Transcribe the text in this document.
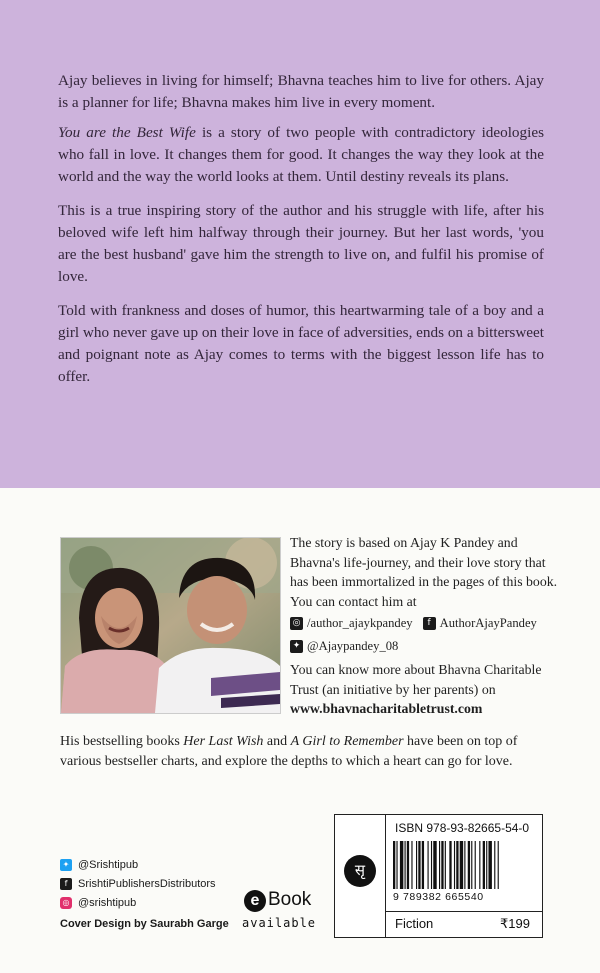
Ajay believes in living for himself; Bhavna teaches him to live for others. Ajay is a planner for life; Bhavna makes him live in every moment.

You are the Best Wife is a story of two people with contradictory ideologies who fall in love. It changes them for good. It changes the way they look at the world and the way the world looks at them. Until destiny reveals its plans.

This is a true inspiring story of the author and his struggle with life, after his beloved wife left him halfway through their journey. But her last words, 'you are the best husband' gave him the strength to live on, and fulfil his promise of love.

Told with frankness and doses of humor, this heartwarming tale of a boy and a girl who never gave up on their love in face of adversities, ends on a bittersweet and poignant note as Ajay comes to terms with the biggest lesson life has to offer.

The story is based on Ajay K Pandey and Bhavna's life-journey, and their love story that has been immortalized in the pages of this book. You can contact him at

◎ /author_ajaykpandey	f AuthorAjayPandey
✦ @Ajaypandey_08

You can know more about Bhavna Charitable Trust (an initiative by her parents) on www.bhavnacharitabletrust.com

His bestselling books Her Last Wish and A Girl to Remember have been on top of various bestseller charts, and explore the depths to which a heart can go for love.
✦ @Srishtipub
f SrishtiPublishersDistributors
◎ @srishtipub
Cover Design by Saurabh Garge
e Book
available
सृ
ISBN 978-93-82665-54-0
9 789382 665540
Fiction	₹199
